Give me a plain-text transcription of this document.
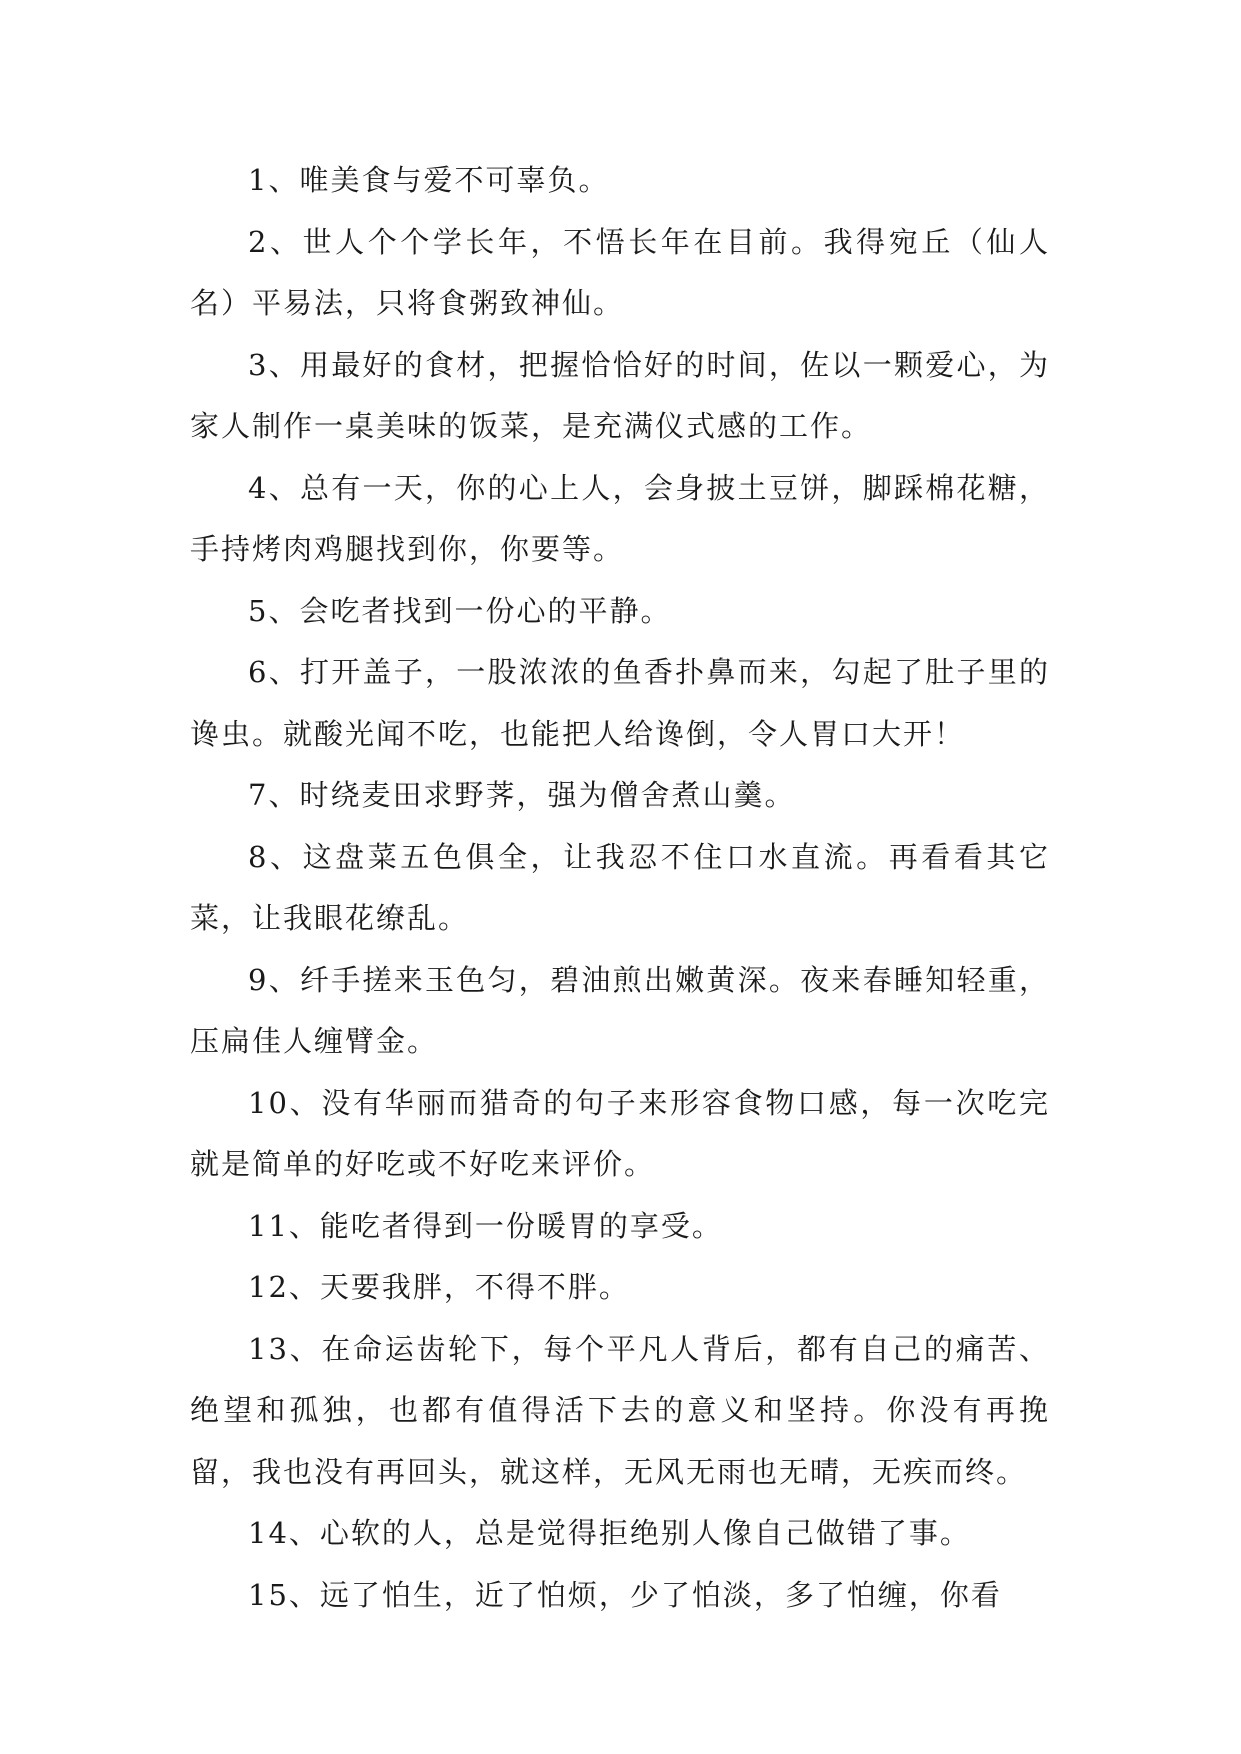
1、唯美食与爱不可辜负。

2、世人个个学长年，不悟长年在目前。我得宛丘（仙人名）平易法，只将食粥致神仙。

3、用最好的食材，把握恰恰好的时间，佐以一颗爱心，为家人制作一桌美味的饭菜，是充满仪式感的工作。

4、总有一天，你的心上人，会身披土豆饼，脚踩棉花糖，手持烤肉鸡腿找到你，你要等。

5、会吃者找到一份心的平静。

6、打开盖子，一股浓浓的鱼香扑鼻而来，勾起了肚子里的谗虫。就酸光闻不吃，也能把人给谗倒，令人胃口大开！

7、时绕麦田求野荠，强为僧舍煮山羹。

8、这盘菜五色俱全，让我忍不住口水直流。再看看其它菜，让我眼花缭乱。

9、纤手搓来玉色匀，碧油煎出嫩黄深。夜来春睡知轻重，压扁佳人缠臂金。

10、没有华丽而猎奇的句子来形容食物口感，每一次吃完就是简单的好吃或不好吃来评价。

11、能吃者得到一份暖胃的享受。

12、天要我胖，不得不胖。

13、在命运齿轮下，每个平凡人背后，都有自己的痛苦、绝望和孤独，也都有值得活下去的意义和坚持。你没有再挽留，我也没有再回头，就这样，无风无雨也无晴，无疾而终。

14、心软的人，总是觉得拒绝别人像自己做错了事。

15、远了怕生，近了怕烦，少了怕淡，多了怕缠，你看
